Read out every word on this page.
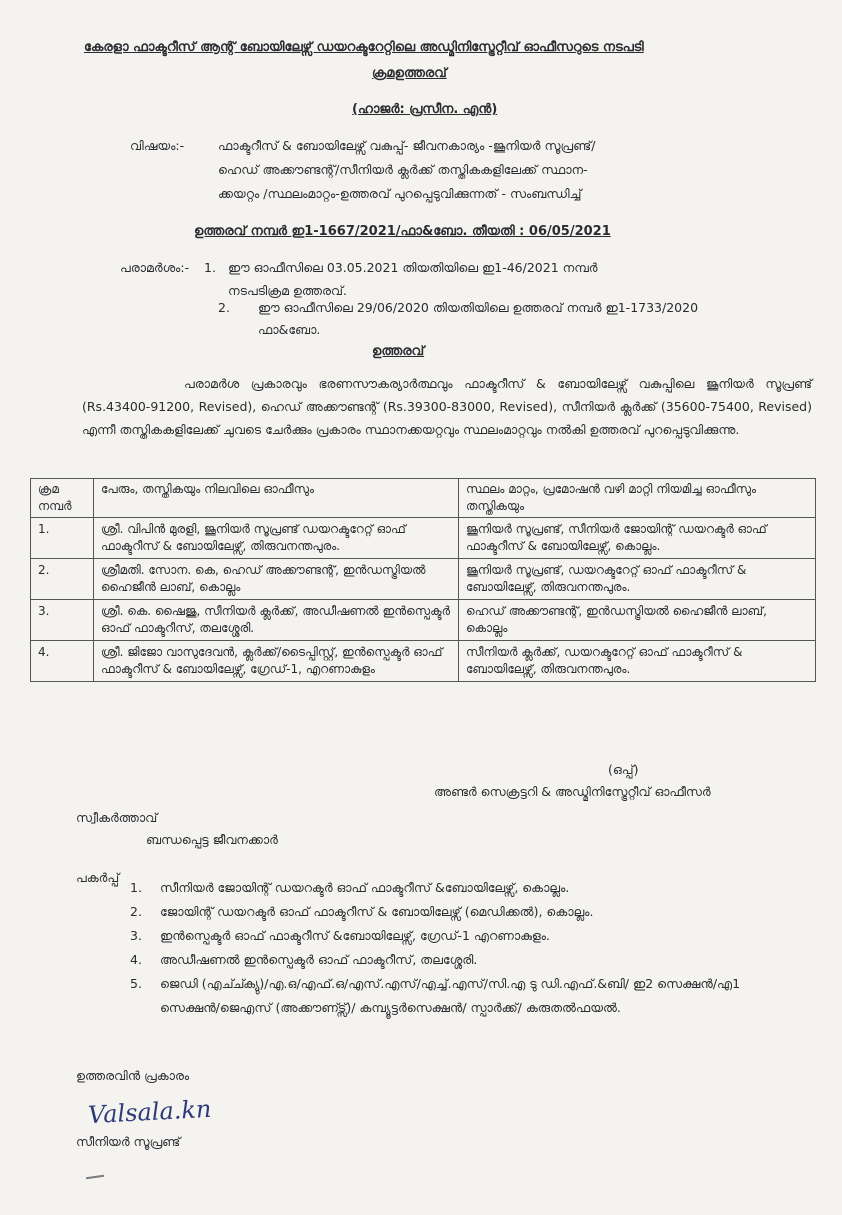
കേരളാ ഫാക്ടറീസ് ആന്റ് ബോയിലേഴ്സ് ഡയറക്ടറേറ്റിലെ അഡ്മിനിസ്ട്രേറ്റീവ് ഓഫീസറുടെ നടപടി
ക്രമഉത്തരവ്
(ഹാജർ: പ്രസീന. എൻ)
വിഷയം:-	ഫാക്ടറീസ് & ബോയിലേഴ്സ് വകുപ്പ്- ജീവനകാര്യം -ജൂനിയർ സൂപ്രണ്ട്/
ഹെഡ് അക്കൗണ്ടന്റ്/സീനിയർ ക്ലർക്ക് തസ്തികകളിലേക്ക് സ്ഥാന-
ക്കയറ്റം /സ്ഥലംമാറ്റം-ഉത്തരവ് പുറപ്പെടുവിക്കുന്നത് - സംബന്ധിച്ച്
ഉത്തരവ് നമ്പർ ഇ1-1667/2021/ഫാ&ബോ. തീയതി : 06/05/2021
പരാമർശം:- 1. ഈ ഓഫീസിലെ 03.05.2021 തിയതിയിലെ ഇ1-46/2021 നമ്പർ
നടപടിക്രമ ഉത്തരവ്.
2. ഈ ഓഫീസിലെ 29/06/2020 തിയതിയിലെ ഉത്തരവ് നമ്പർ ഇ1-1733/2020
ഫാ&ബോ.
ഉത്തരവ്
പരാമർശ പ്രകാരവും ഭരണസൗകര്യാർത്ഥവും ഫാക്ടറീസ് & ബോയിലേഴ്സ് വകുപ്പിലെ ജൂനിയർ സൂപ്രണ്ട് (Rs.43400-91200, Revised), ഹെഡ് അക്കൗണ്ടന്റ് (Rs.39300-83000, Revised), സീനിയർ ക്ലർക്ക് (35600-75400, Revised) എന്നീ തസ്തികകളിലേക്ക് ചുവടെ ചേർക്കും പ്രകാരം സ്ഥാനക്കയറ്റവും സ്ഥലംമാറ്റവും നൽകി ഉത്തരവ് പുറപ്പെടുവിക്കുന്നു.
ക്രമ നമ്പർ	പേരും, തസ്തികയും നിലവിലെ ഓഫീസും	സ്ഥലം മാറ്റം, പ്രമോഷൻ വഴി മാറ്റി നിയമിച്ച ഓഫീസും തസ്തികയും
1.	ശ്രീ. വിപിൻ മുരളി, ജൂനിയർ സൂപ്രണ്ട് ഡയറക്ടറേറ്റ് ഓഫ് ഫാക്ടറീസ് & ബോയിലേഴ്സ്, തിരുവനന്തപുരം.	ജൂനിയർ സൂപ്രണ്ട്, സീനിയർ ജോയിന്റ് ഡയറക്ടർ ഓഫ് ഫാക്ടറീസ് & ബോയിലേഴ്സ്, കൊല്ലം.
2.	ശ്രീമതി. സോന. കെ, ഹെഡ് അക്കൗണ്ടന്റ്, ഇൻഡസ്ട്രിയൽ ഹൈജീൻ ലാബ്, കൊല്ലം	ജൂനിയർ സൂപ്രണ്ട്, ഡയറക്ടറേറ്റ് ഓഫ് ഫാക്ടറീസ് & ബോയിലേഴ്സ്, തിരുവനന്തപുരം.
3.	ശ്രീ. കെ. ഷൈജു, സീനിയർ ക്ലർക്ക്, അഡീഷണൽ ഇൻസ്പെക്ടർ ഓഫ് ഫാക്ടറീസ്, തലശ്ശേരി.	ഹെഡ് അക്കൗണ്ടന്റ്, ഇൻഡസ്ട്രിയൽ ഹൈജീൻ ലാബ്, കൊല്ലം
4.	ശ്രീ. ജിജോ വാസുദേവൻ, ക്ലർക്ക്/ടൈപ്പിസ്റ്റ്, ഇൻസ്പെക്ടർ ഓഫ് ഫാക്ടറീസ് & ബോയിലേഴ്സ്, ഗ്രേഡ്-1, എറണാകുളം	സീനിയർ ക്ലർക്ക്, ഡയറക്ടറേറ്റ് ഓഫ് ഫാക്ടറീസ് & ബോയിലേഴ്സ്, തിരുവനന്തപുരം.
(ഒപ്പ്)
അണ്ടർ സെക്രട്ടറി & അഡ്മിനിസ്ട്രേറ്റീവ് ഓഫീസർ
സ്വീകർത്താവ്
ബന്ധപ്പെട്ട ജീവനക്കാർ
പകർപ്പ്
1. സീനിയർ ജോയിന്റ് ഡയറക്ടർ ഓഫ് ഫാക്ടറീസ് &ബോയിലേഴ്സ്, കൊല്ലം.
2. ജോയിന്റ് ഡയറക്ടർ ഓഫ് ഫാക്ടറീസ് & ബോയിലേഴ്സ് (മെഡിക്കൽ), കൊല്ലം.
3. ഇൻസ്പെക്ടർ ഓഫ് ഫാക്ടറീസ് &ബോയിലേഴ്സ്, ഗ്രേഡ്-1 എറണാകുളം.
4. അഡീഷണൽ ഇൻസ്പെക്ടർ ഓഫ് ഫാക്ടറീസ്, തലശ്ശേരി.
5. ജെഡി (എച്ച്ക്യു)/എ.ഒ/എഫ്.ഒ/എസ്.എസ്/എച്ച്.എസ്/സി.എ ടു ഡി.എഫ്.&ബി/ ഇ2 സെക്ഷൻ/എ1 സെക്ഷൻ/ജെഎസ് (അക്കൗണ്ട്സ്)/ കമ്പ്യൂട്ടർസെക്ഷൻ/ സ്പാർക്ക്/ കരുതൽഫയൽ.
ഉത്തരവിൻ പ്രകാരം
Valsala.kn
സീനിയർ സൂപ്രണ്ട്
